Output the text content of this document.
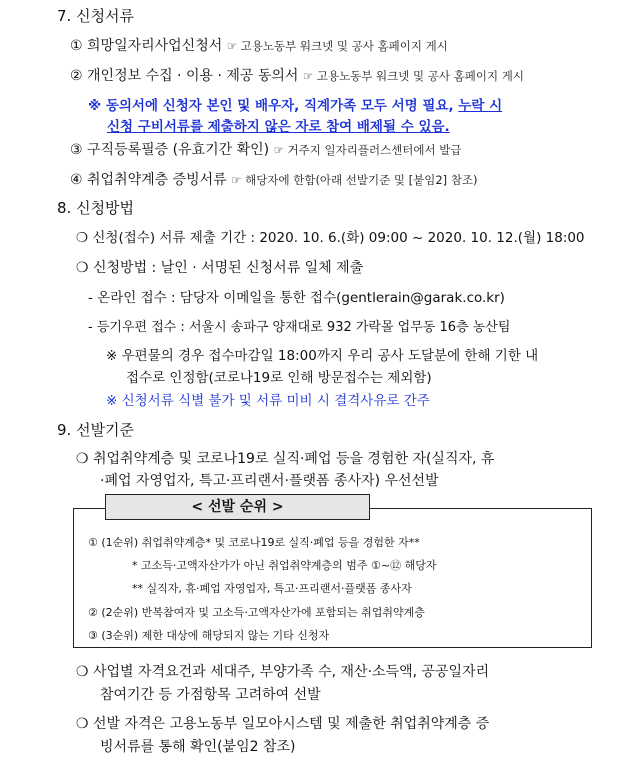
7. 신청서류
① 희망일자리사업신청서 ☞ 고용노동부 워크넷 및 공사 홈페이지 게시
② 개인정보 수집 · 이용 · 제공 동의서 ☞ 고용노동부 워크넷 및 공사 홈페이지 게시
※ 동의서에 신청자 본인 및 배우자, 직계가족 모두 서명 필요, 누락 시
신청 구비서류를 제출하지 않은 자로 참여 배제될 수 있음.
③ 구직등록필증 (유효기간 확인) ☞ 거주지 일자리플러스센터에서 발급
④ 취업취약계층 증빙서류 ☞ 해당자에 한함(아래 선발기준 및 [붙임2] 참조)
8. 신청방법
❍ 신청(접수) 서류 제출 기간 : 2020. 10. 6.(화) 09:00 ~ 2020. 10. 12.(월) 18:00
❍ 신청방법 : 날인 · 서명된 신청서류 일체 제출
- 온라인 접수 : 담당자 이메일을 통한 접수(gentlerain@garak.co.kr)
- 등기우편 접수 : 서울시 송파구 양재대로 932 가락몰 업무동 16층 농산팀
※ 우편물의 경우 접수마감일 18:00까지 우리 공사 도달분에 한해 기한 내
접수로 인정함(코로나19로 인해 방문접수는 제외함)
※ 신청서류 식별 불가 및 서류 미비 시 결격사유로 간주
9. 선발기준
❍ 취업취약계층 및 코로나19로 실직·폐업 등을 경험한 자(실직자, 휴
·폐업 자영업자, 특고·프리랜서·플랫폼 종사자) 우선선발
< 선발 순위 >
① (1순위) 취업취약계층* 및 코로나19로 실직·폐업 등을 경험한 자**
* 고소득·고액자산가가 아닌 취업취약계층의 범주 ①~⑫ 해당자
** 실직자, 휴·폐업 자영업자, 특고·프리랜서·플랫폼 종사자
② (2순위) 반복참여자 및 고소득·고액자산가에 포함되는 취업취약계층
③ (3순위) 제한 대상에 해당되지 않는 기타 신청자
❍ 사업별 자격요건과 세대주, 부양가족 수, 재산·소득액, 공공일자리
참여기간 등 가점항목 고려하여 선발
❍ 선발 자격은 고용노동부 일모아시스템 및 제출한 취업취약계층 증
빙서류를 통해 확인(붙임2 참조)
